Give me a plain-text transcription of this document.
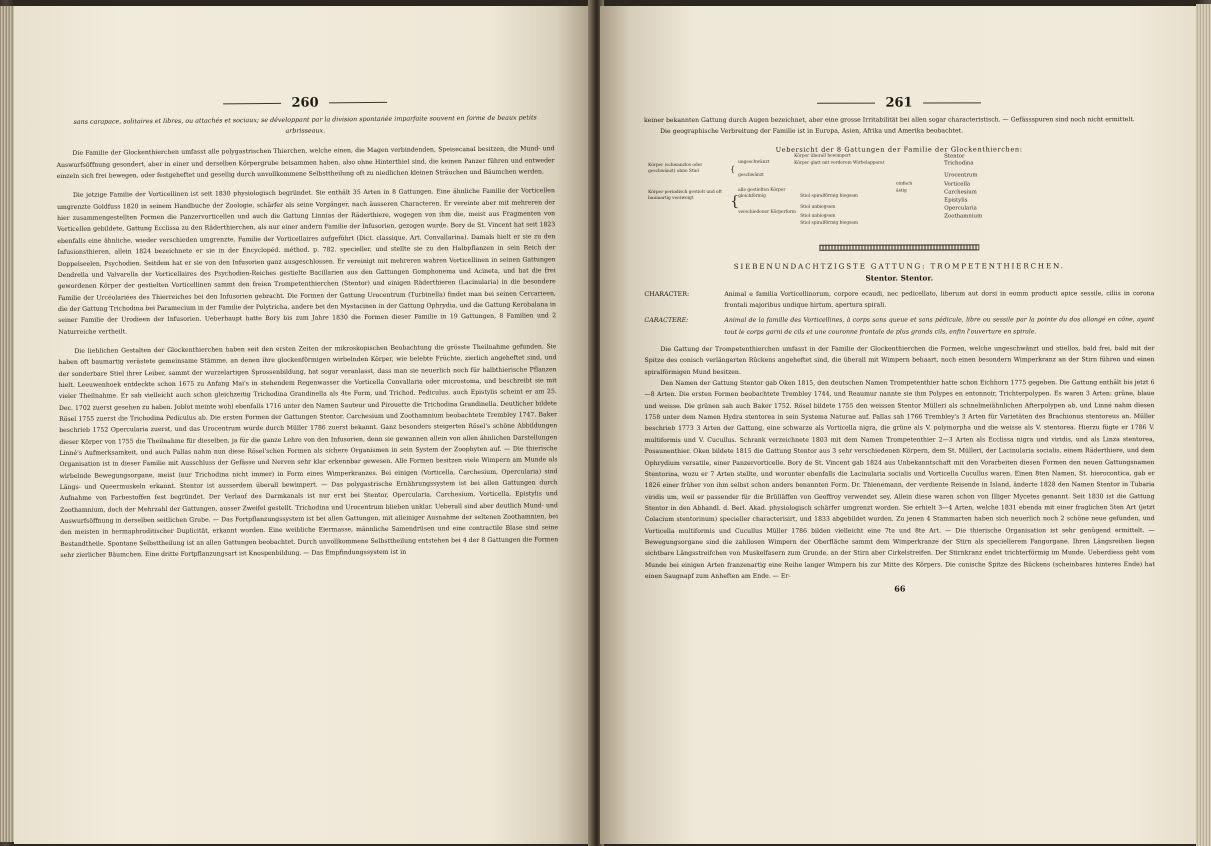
260

sans carapace, solitaires et libres, ou attachés et sociaux; se développant par la division spontanée imparfaite souvent en forme de beaux petits arbrisseaux.

Die Familie der Glockenthierchen umfasst alle polygastrischen Thierchen, welche einen, die Magen verbindenden, Speisecanal besitzen, die Mund- und Auswurfsöffnung gesondert, aber in einer und derselben Körpergrube beisammen haben, also ohne Hinterthiel sind, die keinen Panzer führen und entweder einzeln sich frei bewegen, oder festgeheftet und gesellig durch unvollkommene Selbsttheilung oft zu niedlichen kleinen Sträuchen und Bäumchen werden.

Die jetzige Familie der Vorticellinen ist seit 1830 physiologisch begründet. Sie enthält 35 Arten in 8 Gattungen. Eine ähnliche Familie der Vorticellen umgrenzte Goldfuss 1820 in seinem Handbuche der Zoologie, schärfer als seine Vorgänger, nach äusseren Characteren. Er vereinte aber mit mehreren der hier zusammengestellten Formen die Panzervorticellen und auch die Gattung Linnias der Räderthiere, wogegen von ihm die, meist aus Fragmenten von Vorticellen gebildete, Gattung Ecclissa zu den Räderthierchen, als nur einer andern Familie der Infusorien, gezogen wurde. Bory de St. Vincent hat seit 1823 ebenfalls eine ähnliche, wieder verschieden umgrenzte, Familie der Vorticellaires aufgeführt (Dict. classique, Art. Convallarina). Damals hielt er sie zu den Infusionsthieren, allein 1824 bezeichnete er sie in der Encyclopéd. méthod. p. 782. specieller, und stellte sie zu den Halbpflanzen in sein Reich der Doppelseelen, Psychodien. Seitdem hat er sie von den Infusorien ganz ausgeschlossen. Er vereinigt mit mehreren wahren Vorticellinen in seinen Gattungen Dendrella und Valvarella der Vorticellaires des Psychodien-Reiches gestielte Bacillarien aus den Gattungen Gomphonema und Acineta, und hat die frei gewordenen Körper der gestielten Vorticellinen sammt den freien Trompetenthierchen (Stentor) und einigen Räderthieren (Lacinularia) in die besondere Familie der Urcéolariées des Thierreiches bei den Infusorien gebracht. Die Formen der Gattung Urocentrum (Turbinella) findet man bei seinen Cercarieen, die der Gattung Trichodina bei Paramecium in der Familie der Polytricha, andere bei den Mystacinen in der Gattung Ophrydia, und die Gattung Kerobalana in seiner Familie der Urodieen der Infusorien. Ueberhaupt hatte Bory bis zum Jahre 1830 die Formen dieser Familie in 19 Gattungen, 8 Familien und 2 Naturreiche vertheilt.

Die lieblichen Gestalten der Glockenthierchen haben seit den ersten Zeiten der mikroskopischen Beobachtung die grösste Theilnahme gefunden. Sie haben oft baumartig verästete gemeinsame Stämme, an denen ihre glockenförmigen wirbelnden Körper, wie belebte Früchte, zierlich angeheftet sind, und der sonderbare Stiel ihrer Leiber, sammt der wurzelartigen Sprossenbildung, hat sogar veranlasst, dass man sie neuerlich noch für halbthierische Pflanzen hielt. Leeuwenhoek entdeckte schon 1675 zu Anfang Mai's in stehendem Regenwasser die Vorticella Convallaria oder microstoma, und beschreibt sie mit vieler Theilnahme. Er sah vielleicht auch schon gleichzeitig Trichodina Grandinella als 4te Form, und Trichod. Pediculus, auch Epistylis scheint er am 25. Dec. 1702 zuerst gesehen zu haben. Joblot meinte wohl ebenfalls 1716 unter den Namen Sauteur und Pirouette die Trichodina Grandinella. Deutlicher bildete Rösel 1755 zuerst die Trichodina Pediculus ab. Die ersten Formen der Gattungen Stentor, Carchesium und Zoothamnium beobachtete Trembley 1747. Baker beschrieb 1752 Opercularia zuerst, und das Urocentrum wurde durch Müller 1786 zuerst bekannt. Ganz besonders steigerten Rösel's schöne Abbildungen dieser Körper von 1755 die Theilnahme für dieselben, ja für die ganze Lehre von den Infusorien, denn sie gewannen allein von allen ähnlichen Darstellungen Linné's Aufmerksamkeit, und auch Pallas nahm nun diese Rösel'schen Formen als sichere Organismen in sein System der Zoophyten auf. — Die thierische Organisation ist in dieser Familie mit Ausschluss der Gefässe und Nerven sehr klar erkennbar gewesen. Alle Formen besitzen viele Wimpern am Munde als wirbelnde Bewegungsorgane, meist (nur Trichodina nicht immer) in Form eines Wimperkranzes. Bei einigen (Vorticella, Carchesium, Opercularia) sind Längs- und Queermuskeln erkannt. Stentor ist ausserdem überall bewimpert. — Das polygastrische Ernährungssystem ist bei allen Gattungen durch Aufnahme von Farbestoffen fest begründet. Der Verlauf des Darmkanals ist nur erst bei Stentor, Opercularia, Carchesium, Vorticella, Epistylis und Zoothamnium, doch der Mehrzahl der Gattungen, ausser Zweifel gestellt. Trichodina und Urocentrum blieben unklar. Ueberall sind aber deutlich Mund- und Auswurfsöffnung in derselben seitlichen Grube. — Das Fortpflanzungssystem ist bei allen Gattungen, mit alleiniger Ausnahme der seltenen Zoothamnien, bei den meisten in hermaphroditischer Duplicität, erkannt worden. Eine weibliche Eiermasse, männliche Samendrüsen und eine contractile Blase sind seine Bestandtheile. Spontane Selbsttheilung ist an allen Gattungen beobachtet. Durch unvollkommene Selbsttheilung entstehen bei 4 der 8 Gattungen die Formen sehr zierlicher Bäumchen. Eine dritte Fortpflanzungsart ist Knospenbildung. — Das Empfindungssystem ist in

261

keiner bekannten Gattung durch Augen bezeichnet, aber eine grosse Irritabilität bei allen sogar characteristisch. — Gefässspuren sind noch nicht ermittelt.

Die geographische Verbreitung der Familie ist in Europa, Asien, Afrika und Amerika beobachtet.

Uebersicht der 8 Gattungen der Familie der Glockenthierchen:
Körper (schwanzlos oder geschwänzt) ohne Stiel
Körper periodisch gestielt und oft baumartig verzweigt
{
{
ungeschwänzt
geschwänzt
Körper überall bewimpert
Körper glatt mit vorderem Wirbelapparat
alle gestielten Körper gleichförmig
verschiedener Körperform
Stiel spiralförmig biegsam
Stiel unbiegsam
Stiel unbiegsam
Stiel spiralförmig biegsam
einfach
ästig
Stentor
Trichodina
Urocentrum
Vorticella
Carchesium
Epistylis
Opercularia
Zoothamnium
SIEBENUNDACHTZIGSTE GATTUNG: TROMPETENTHIERCHEN.
Stentor. Stentor.

CHARACTER:	Animal e familia Vorticellinorum, corpore ecaudi, nec pedicellato, liberum aut dorsi in eomm producti apice sessile, ciliis in corona frontali majoribus undique hirtum, apertura spirali.

CARACTERE:	Animal de la famille des Vorticellines, à corps sans queue et sans pédicule, libre ou sessile par la pointe du dos allongé en cône, ayant tout le corps garni de cils et une couronne frontale de plus grands cils, enfin l'ouverture en spirale.

Die Gattung der Trompetenthierchen umfasst in der Familie der Glockenthierchen die Formen, welche ungeschwänzt und stiellos, bald frei, bald mit der Spitze des conisch verlängerten Rückens angeheftet sind, die überall mit Wimpern behaart, noch einen besondern Wimperkranz an der Stirn führen und einen spiralförmigen Mund besitzen.

Den Namen der Gattung Stentor gab Oken 1815, den deutschen Namen Trompetenthier hatte schon Eichhorn 1775 gegeben. Die Gattung enthält bis jetzt 6—8 Arten. Die ersten Formen beobachtete Trembley 1744, und Reaumur nannte sie ihm Polypes en entonnoir, Trichterpolypen. Es waren 3 Arten: grüne, blaue und weisse. Die grünen sah auch Baker 1752. Rösel bildete 1755 den weissen Stentor Mülleri als schnelmeiähnlichen Afterpolypen ab, und Linné nahm diesen 1758 unter dem Namen Hydra stentorea in sein Systema Naturae auf. Pallas sah 1766 Trembley's 3 Arten für Varietäten des Brachionus stentoreus an. Müller beschrieb 1773 3 Arten der Gattung, eine schwarze als Vorticella nigra, die grüne als V. polymorpha und die weisse als V. stentorea. Hierzu fügte er 1786 V. multiformis und V. Cucullus. Schrank verzeichnete 1803 mit dem Namen Trompetenthier 2—3 Arten als Ecclissa nigra und viridis, und als Linza stentorea, Posaunenthier. Oken bildete 1815 die Gattung Stentor aus 3 sehr verschiedenen Körpern, dem St. Mülleri, der Lacinularia socialis, einem Räderthiere, und dem Ophrydium versatile, einer Panzervorticelle. Bory de St. Vincent gab 1824 aus Unbekanntschaft mit den Vorarbeiten diesen Formen den neuen Gattungsnamen Stentorina, wozu er 7 Arten stellte, und worunter ebenfalls die Lacinularia socialis und Vorticella Cucullus waren. Einen 8ten Namen, St. hierocontica, gab er 1826 einer früher von ihm selbst schon anders benannten Form. Dr. Thienemann, der verdiente Reisende in Island, änderte 1828 den Namen Stentor in Tubaria viridis um, weil er passender für die Brülläffen von Geoffroy verwendet sey. Allein diese waren schon von Illiger Mycetes genannt. Seit 1830 ist die Gattung Stentor in den Abhandl. d. Berl. Akad. physiologisch schärfer umgrenzt worden. Sie erhielt 3—4 Arten, welche 1831 ebenda mit einer fraglichen 5ten Art (jetzt Colacium stentorinum) specieller characterisirt, und 1833 abgebildet wurden. Zu jenen 4 Stammarten haben sich neuerlich noch 2 schöne neue gefunden, und Vorticella multiformis und Cucullus Müller 1786 bilden vielleicht eine 7te und 8te Art. — Die thierische Organisation ist sehr genügend ermittelt. — Bewegungsorgane sind die zahllosen Wimpern der Oberfläche sammt dem Wimperkranze der Stirn als speciellerem Fangorgane. Ihren Längsreihen liegen sichtbare Längsstreifchen von Muskelfasern zum Grunde, an der Stirn aber Cirkelstreifen. Der Stirnkranz endet trichterförmig im Munde. Ueberdiess geht vom Munde bei einigen Arten franzenartig eine Reihe langer Wimpern bis zur Mitte des Körpers. Die conische Spitze des Rückens (scheinbares hinteres Ende) hat einen Saugnapf zum Anheften am Ende. — Er-

66
